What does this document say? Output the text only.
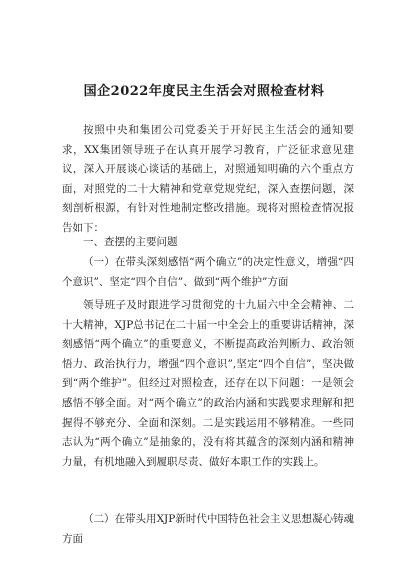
国企2022年度民主生活会对照检查材料

按照中央和集团公司党委关于开好民主生活会的通知要求，XX集团领导班子在认真开展学习教育，广泛征求意见建议，深入开展谈心谈话的基础上，对照通知明确的六个重点方面，对照党的二十大精神和党章党规党纪，深入查摆问题，深刻剖析根源，有针对性地制定整改措施。现将对照检查情况报告如下：

一、查摆的主要问题

（一）在带头深刻感悟“两个确立”的决定性意义，增强“四个意识”、坚定“四个自信”、做到“两个维护”方面

领导班子及时跟进学习贯彻党的十九届六中全会精神、二十大精神，XJP总书记在二十届一中全会上的重要讲话精神，深刻感悟“两个确立”的重要意义，不断提高政治判断力、政治领悟力、政治执行力，增强“四个意识”,坚定“四个自信”，坚决做到“两个维护”。但经过对照检查，还存在以下问题：一是领会感悟不够全面。对“两个确立”的政治内涵和实践要求理解和把握得不够充分、全面和深刻。二是实践运用不够精准。一些同志认为“两个确立”是抽象的，没有将其蕴含的深刻内涵和精神力量，有机地融入到履职尽责、做好本职工作的实践上。

（二）在带头用XJP新时代中国特色社会主义思想凝心铸魂方面
